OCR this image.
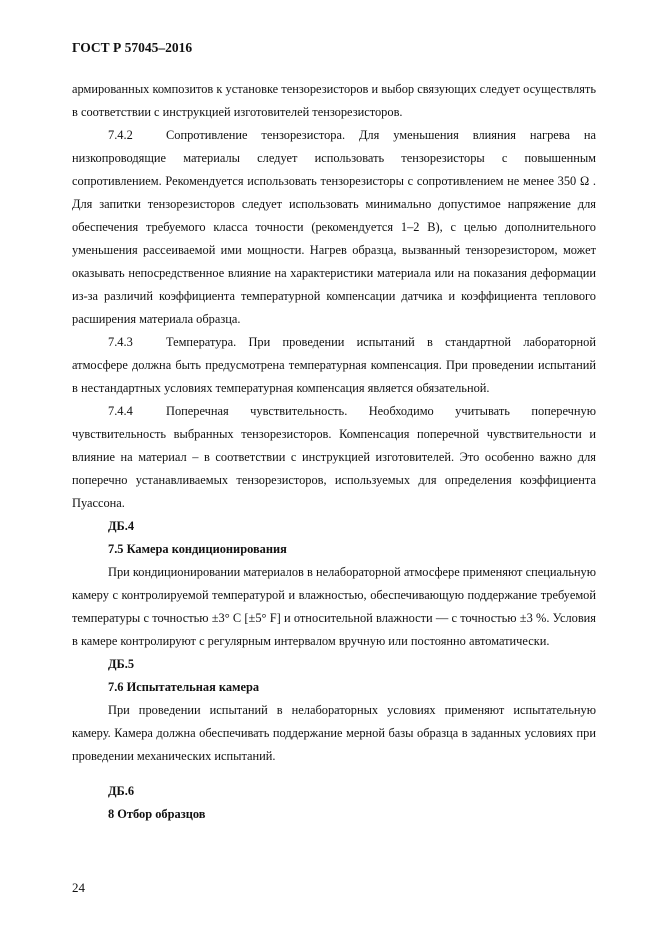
ГОСТ Р 57045–2016

армированных композитов к установке тензорезисторов и выбор связующих следует осуществлять в соответствии с инструкцией изготовителей тензорезисторов.

7.4.2	Сопротивление тензорезистора. Для уменьшения влияния нагрева на низкопроводящие материалы следует использовать тензорезисторы с повышенным сопротивлением. Рекомендуется использовать тензорезисторы с сопротивлением не менее 350 Ω . Для запитки тензорезисторов следует использовать минимально допустимое напряжение для обеспечения требуемого класса точности (рекомендуется 1–2 В), с целью дополнительного уменьшения рассеиваемой ими мощности. Нагрев образца, вызванный тензорезистором, может оказывать непосредственное влияние на характеристики материала или на показания деформации из-за различий коэффициента температурной компенсации датчика и коэффициента теплового расширения материала образца.

7.4.3	Температура. При проведении испытаний в стандартной лабораторной атмосфере должна быть предусмотрена температурная компенсация. При проведении испытаний в нестандартных условиях температурная компенсация является обязательной.

7.4.4	Поперечная чувствительность. Необходимо учитывать поперечную чувствительность выбранных тензорезисторов. Компенсация поперечной чувствительности и влияние на материал – в соответствии с инструкцией изготовителей. Это особенно важно для поперечно устанавливаемых тензорезисторов, используемых для определения коэффициента Пуассона.

ДБ.4

7.5 Камера кондиционирования

При кондиционировании материалов в нелабораторной атмосфере применяют специальную камеру с контролируемой температурой и влажностью, обеспечивающую поддержание требуемой температуры с точностью ±3° С [±5° F] и относительной влажности — с точностью ±3 %. Условия в камере контролируют с регулярным интервалом вручную или постоянно автоматически.

ДБ.5

7.6 Испытательная камера

При проведении испытаний в нелабораторных условиях применяют испытательную камеру. Камера должна обеспечивать поддержание мерной базы образца в заданных условиях при проведении механических испытаний.

ДБ.6

8 Отбор образцов

24
